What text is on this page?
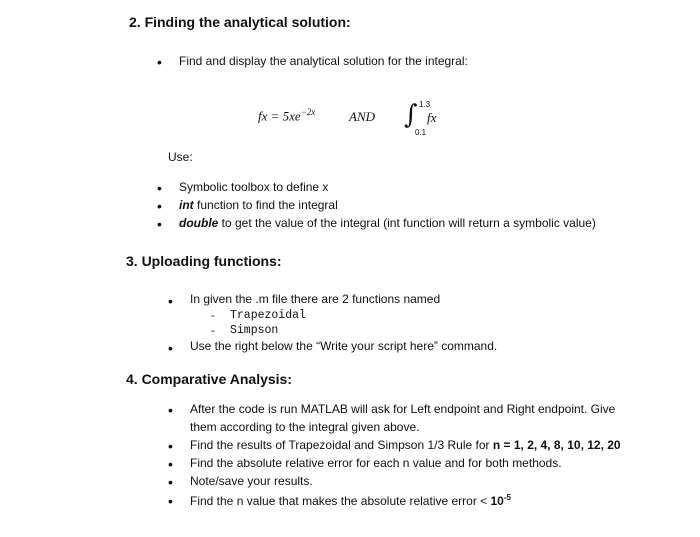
2. Finding the analytical solution:
• Find and display the analytical solution for the integral:
fx = $5xe^{-2x}$	AND ∫ 1.3
0.1
fx
Use:
• Symbolic toolbox to define x
• int function to find the integral
• double to get the value of the integral (int function will return a symbolic value)
3. Uploading functions:
• In given the .m file there are 2 functions named
- Trapezoidal
- Simpson
• Use the right below the “Write your script here” command.
4. Comparative Analysis:
• After the code is run MATLAB will ask for Left endpoint and Right endpoint. Give
them according to the integral given above.
• Find the results of Trapezoidal and Simpson 1/3 Rule for n = 1, 2, 4, 8, 10, 12, 20
• Find the absolute relative error for each n value and for both methods.
• Note/save your results.
• Find the n value that makes the absolute relative error < $10^{-5}$
